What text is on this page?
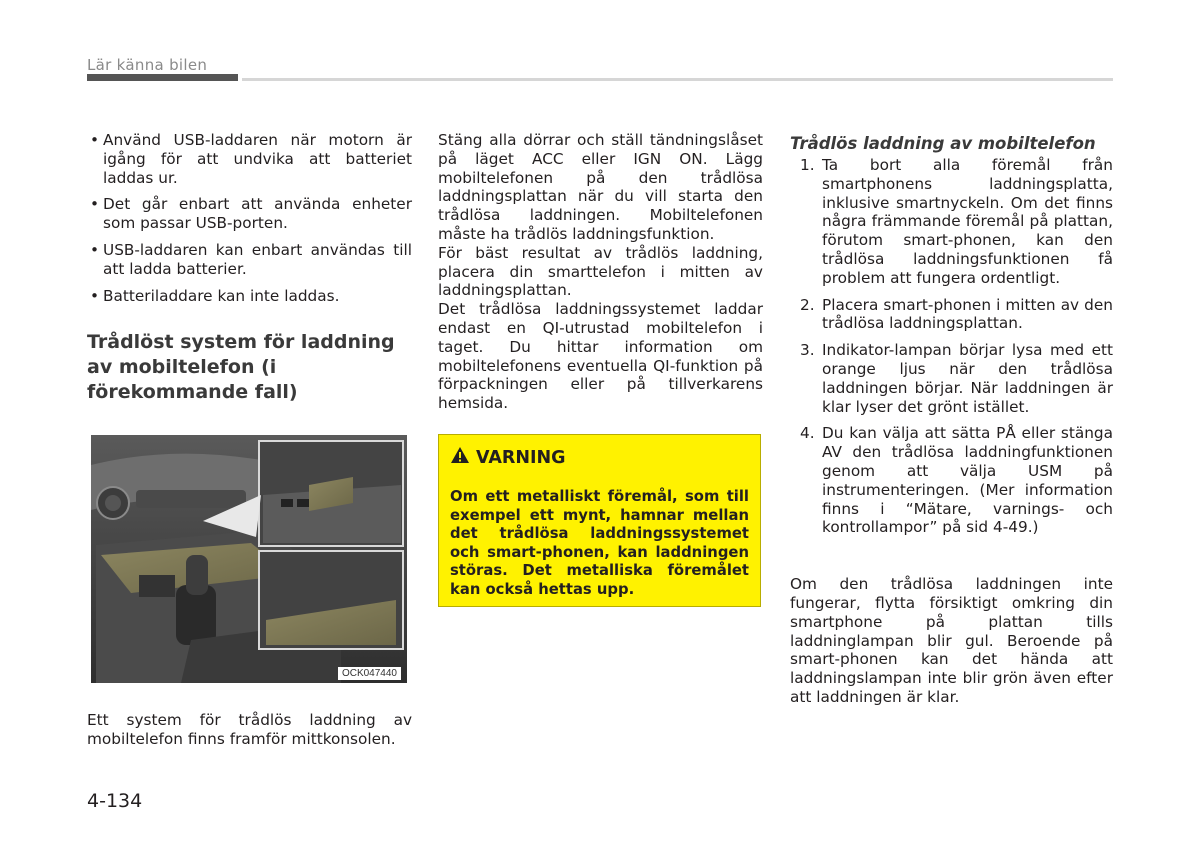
Lär känna bilen
• Använd USB-laddaren när motorn är igång för att undvika att batteriet laddas ur.
• Det går enbart att använda enheter som passar USB-porten.
• USB-laddaren kan enbart användas till att ladda batterier.
• Batteriladdare kan inte laddas.
Trådlöst system för laddning av mobiltelefon (i förekommande fall)
OCK047440

Ett system för trådlös laddning av mobiltelefon finns framför mittkonsolen.

Stäng alla dörrar och ställ tändningslåset på läget ACC eller IGN ON. Lägg mobiltelefonen på den trådlösa laddningsplattan när du vill starta den trådlösa laddningen. Mobiltelefonen måste ha trådlös laddningsfunktion.

För bäst resultat av trådlös laddning, placera din smarttelefon i mitten av laddningsplattan.

Det trådlösa laddningssystemet laddar endast en QI-utrustad mobiltelefon i taget. Du hittar information om mobiltelefonens eventuella QI-funktion på förpackningen eller på tillverkarens hemsida.

VARNING
Om ett metalliskt föremål, som till exempel ett mynt, hamnar mellan det trådlösa laddningssystemet och smart-phonen, kan laddningen störas. Det metalliska föremålet kan också hettas upp.
Trådlös laddning av mobiltelefon
1. Ta bort alla föremål från smartphonens laddningsplatta, inklusive smartnyckeln. Om det finns några främmande föremål på plattan, förutom smart-phonen, kan den trådlösa laddningsfunktionen få problem att fungera ordentligt.
2. Placera smart-phonen i mitten av den trådlösa laddningsplattan.
3. Indikator-lampan börjar lysa med ett orange ljus när den trådlösa laddningen börjar. När laddningen är klar lyser det grönt istället.
4. Du kan välja att sätta PÅ eller stänga AV den trådlösa laddningfunktionen genom att välja USM på instrumenteringen. (Mer information finns i “Mätare, varnings- och kontrollampor” på sid 4-49.)

Om den trådlösa laddningen inte fungerar, flytta försiktigt omkring din smartphone på plattan tills laddninglampan blir gul. Beroende på smart-phonen kan det hända att laddningslampan inte blir grön även efter att laddningen är klar.

4-134
